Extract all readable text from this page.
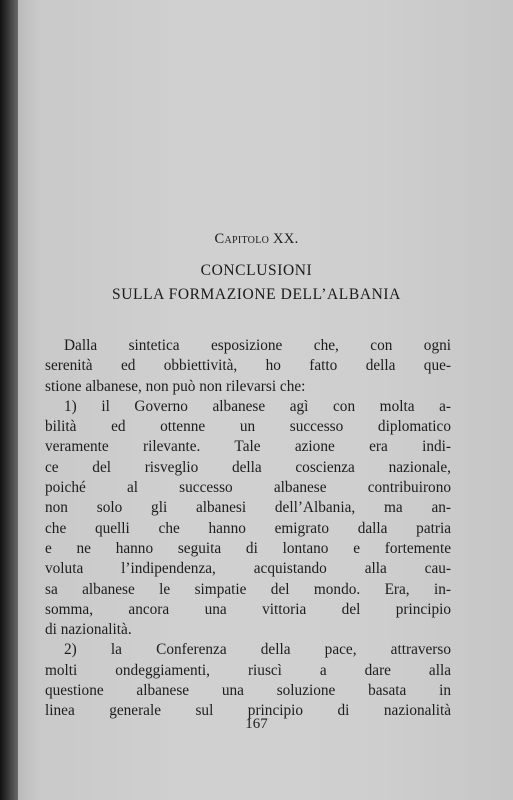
Capitolo XX.
CONCLUSIONI
SULLA FORMAZIONE DELL’ALBANIA
Dalla sintetica esposizione che, con ogni
serenità ed obbiettività, ho fatto della que-
stione albanese, non può non rilevarsi che:
1) il Governo albanese agì con molta a-
bilità ed ottenne un successo diplomatico
veramente rilevante. Tale azione era indi-
ce del risveglio della coscienza nazionale,
poiché al successo albanese contribuirono
non solo gli albanesi dell’Albania, ma an-
che quelli che hanno emigrato dalla patria
e ne hanno seguita di lontano e fortemente
voluta l’indipendenza, acquistando alla cau-
sa albanese le simpatie del mondo. Era, in-
somma, ancora una vittoria del principio
di nazionalità.
2) la Conferenza della pace, attraverso
molti ondeggiamenti, riuscì a dare alla
questione albanese una soluzione basata in
linea generale sul principio di nazionalità
167
